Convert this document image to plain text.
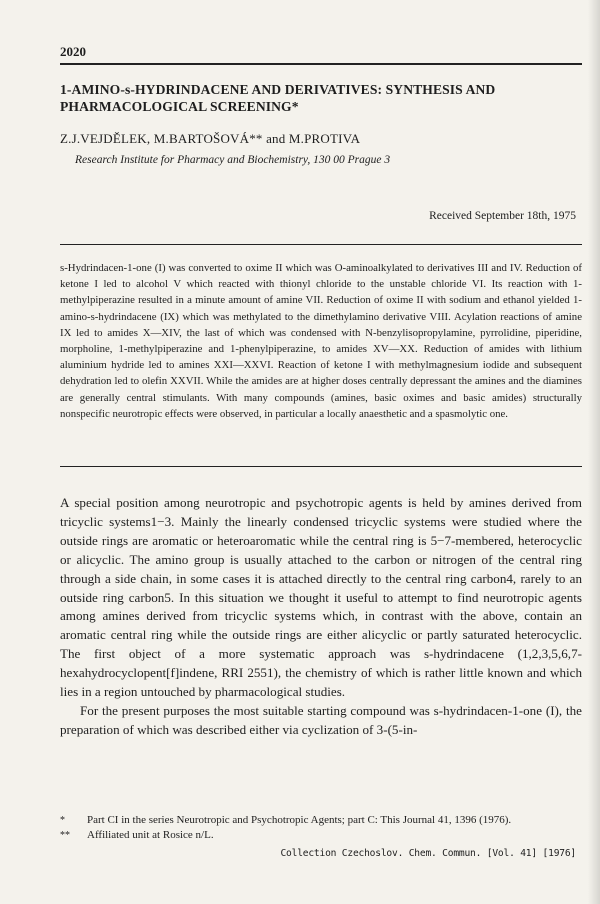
2020
1-AMINO-s-HYDRINDACENE AND DERIVATIVES: SYNTHESIS AND PHARMACOLOGICAL SCREENING*
Z.J.VEJDĚLEK, M.BARTOŠOVÁ** and M.PROTIVA
Research Institute for Pharmacy and Biochemistry, 130 00 Prague 3
Received September 18th, 1975
s-Hydrindacen-1-one (I) was converted to oxime II which was O-aminoalkylated to derivatives III and IV. Reduction of ketone I led to alcohol V which reacted with thionyl chloride to the unstable chloride VI. Its reaction with 1-methylpiperazine resulted in a minute amount of amine VII. Reduction of oxime II with sodium and ethanol yielded 1-amino-s-hydrindacene (IX) which was methylated to the dimethylamino derivative VIII. Acylation reactions of amine IX led to amides X—XIV, the last of which was condensed with N-benzylisopropylamine, pyrrolidine, piperidine, morpholine, 1-methylpiperazine and 1-phenylpiperazine, to amides XV—XX. Reduction of amides with lithium aluminium hydride led to amines XXI—XXVI. Reaction of ketone I with methylmagnesium iodide and subsequent dehydration led to olefin XXVII. While the amides are at higher doses centrally depressant the amines and the diamines are generally central stimulants. With many compounds (amines, basic oximes and basic amides) structurally nonspecific neurotropic effects were observed, in particular a locally anaesthetic and a spasmolytic one.

A special position among neurotropic and psychotropic agents is held by amines derived from tricyclic systems1−3. Mainly the linearly condensed tricyclic systems were studied where the outside rings are aromatic or heteroaromatic while the central ring is 5−7-membered, heterocyclic or alicyclic. The amino group is usually attached to the carbon or nitrogen of the central ring through a side chain, in some cases it is attached directly to the central ring carbon4, rarely to an outside ring carbon5. In this situation we thought it useful to attempt to find neurotropic agents among amines derived from tricyclic systems which, in contrast with the above, contain an aromatic central ring while the outside rings are either alicyclic or partly saturated heterocyclic. The first object of a more systematic approach was s-hydrindacene (1,2,3,5,6,7-hexahydrocyclopent[f]indene, RRI 2551), the chemistry of which is rather little known and which lies in a region untouched by pharmacological studies.

For the present purposes the most suitable starting compound was s-hydrindacen-1-one (I), the preparation of which was described either via cyclization of 3-(5-in-

*	Part CI in the series Neurotropic and Psychotropic Agents; part C: This Journal 41, 1396 (1976).
**	Affiliated unit at Rosice n/L.
Collection Czechoslov. Chem. Commun. [Vol. 41] [1976]
